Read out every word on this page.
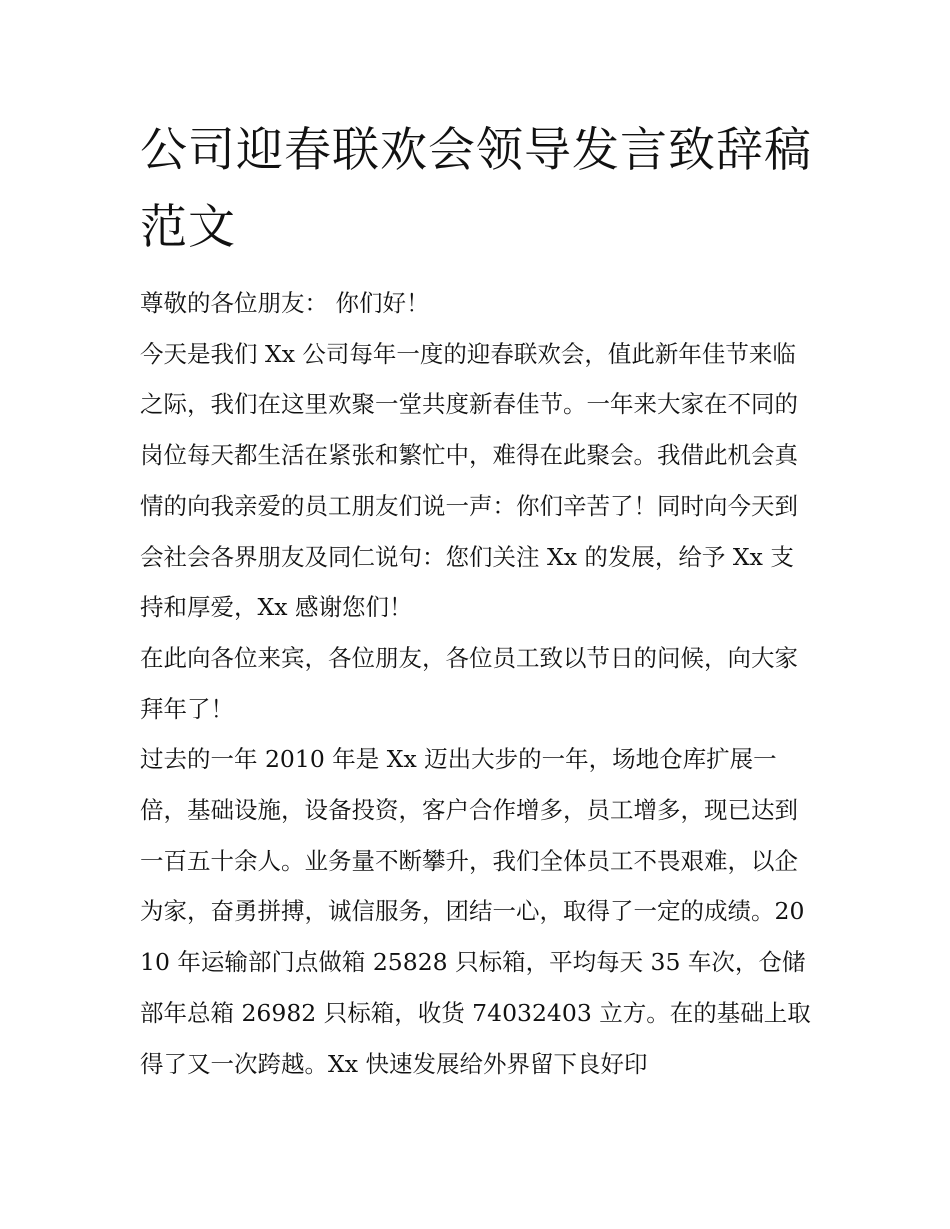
公司迎春联欢会领导发言致辞稿范文

尊敬的各位朋友： 你们好！

今天是我们 Xx 公司每年一度的迎春联欢会，值此新年佳节来临之际，我们在这里欢聚一堂共度新春佳节。一年来大家在不同的岗位每天都生活在紧张和繁忙中，难得在此聚会。我借此机会真情的向我亲爱的员工朋友们说一声：你们辛苦了！同时向今天到会社会各界朋友及同仁说句：您们关注 Xx 的发展，给予 Xx 支持和厚爱，Xx 感谢您们！

在此向各位来宾，各位朋友，各位员工致以节日的问候，向大家拜年了！

过去的一年 2010 年是 Xx 迈出大步的一年，场地仓库扩展一倍，基础设施，设备投资，客户合作增多，员工增多，现已达到一百五十余人。业务量不断攀升，我们全体员工不畏艰难，以企为家，奋勇拼搏，诚信服务，团结一心，取得了一定的成绩。2010 年运输部门点做箱 25828 只标箱，平均每天 35 车次，仓储部年总箱 26982 只标箱，收货 74032403 立方。在的基础上取得了又一次跨越。Xx 快速发展给外界留下良好印
